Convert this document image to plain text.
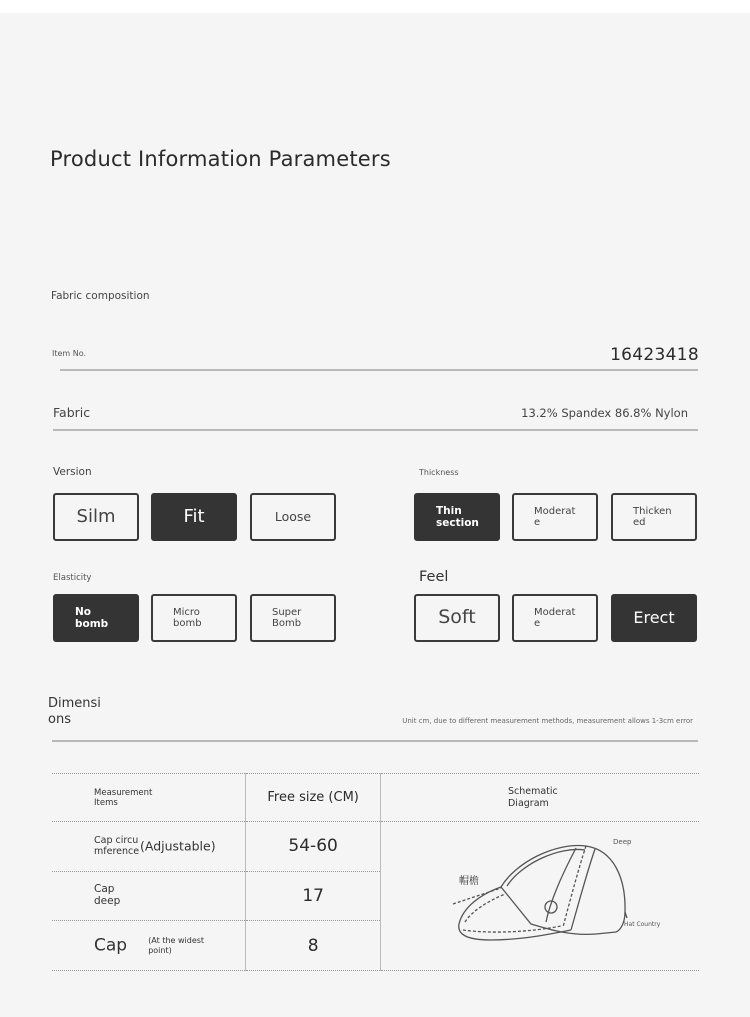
Product Information Parameters
Fabric composition
Item No.	16423418
Fabric	13.2% Spandex 86.8% Nylon
Version
Silm	Fit	Loose
Thickness
Thin section
Moderate
Thickened
Elasticity
No bomb
Micro bomb
Super Bomb
Feel
Soft	Moderate	Erect
Dimensions	Unit cm, due to different measurement methods, measurement allows 1-3cm error
Measurement Items	Free size (CM)	Schematic Diagram
Cap circumference(Adjustable)	54-60	Deep
Hat Country
帽檐

Cap deep	17	
Cap (At the widest point)	8	
